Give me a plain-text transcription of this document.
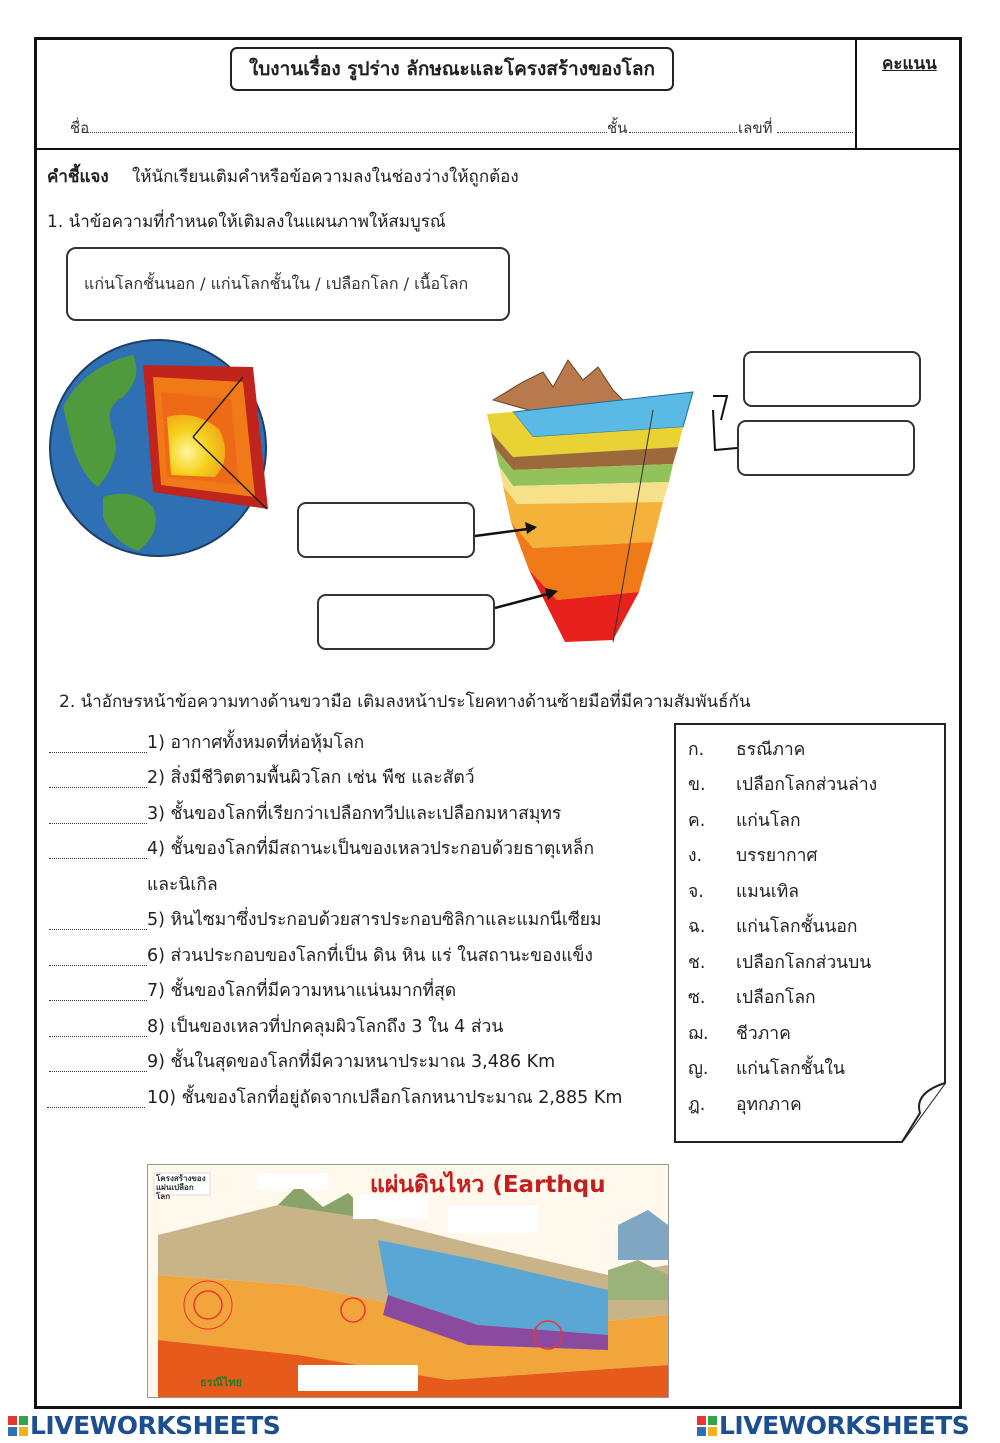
ใบงานเรื่อง รูปร่าง ลักษณะและโครงสร้างของโลก	คะแนน
ชื่อ	ชั้น	เลขที่
คำชี้แจง ให้นักเรียนเติมคำหรือข้อความลงในช่องว่างให้ถูกต้อง
1. นำข้อความที่กำหนดให้เติมลงในแผนภาพให้สมบูรณ์
แก่นโลกชั้นนอก / แก่นโลกชั้นใน / เปลือกโลก / เนื้อโลก
2. นำอักษรหน้าข้อความทางด้านขวามือ เติมลงหน้าประโยคทางด้านซ้ายมือที่มีความสัมพันธ์กัน
1) อากาศทั้งหมดที่ห่อหุ้มโลก
2) สิ่งมีชีวิตตามพื้นผิวโลก เช่น พืช และสัตว์
3) ชั้นของโลกที่เรียกว่าเปลือกทวีปและเปลือกมหาสมุทร
4) ชั้นของโลกที่มีสถานะเป็นของเหลวประกอบด้วยธาตุเหล็ก
และนิเกิล
5) หินไซมาซึ่งประกอบด้วยสารประกอบซิลิกาและแมกนีเซียม
6) ส่วนประกอบของโลกที่เป็น ดิน หิน แร่ ในสถานะของแข็ง
7) ชั้นของโลกที่มีความหนาแน่นมากที่สุด
8) เป็นของเหลวที่ปกคลุมผิวโลกถึง 3 ใน 4 ส่วน
9) ชั้นในสุดของโลกที่มีความหนาประมาณ 3,486 Km
10) ชั้นของโลกที่อยู่ถัดจากเปลือกโลกหนาประมาณ 2,885 Km
ก. ธรณีภาค
ข. เปลือกโลกส่วนล่าง
ค. แก่นโลก
ง. บรรยากาศ
จ. แมนเทิล
ฉ. แก่นโลกชั้นนอก
ช. เปลือกโลกส่วนบน
ซ. เปลือกโลก
ฌ. ชีวภาค
ญ. แก่นโลกชั้นใน
ฎ. อุทกภาค
โครงสร้างของ แผ่นเปลือกโลก	แผ่นดินไหว (Earthqu
ธรณีไทย
LIVEWORKSHEETS	LIVEWORKSHEETS
